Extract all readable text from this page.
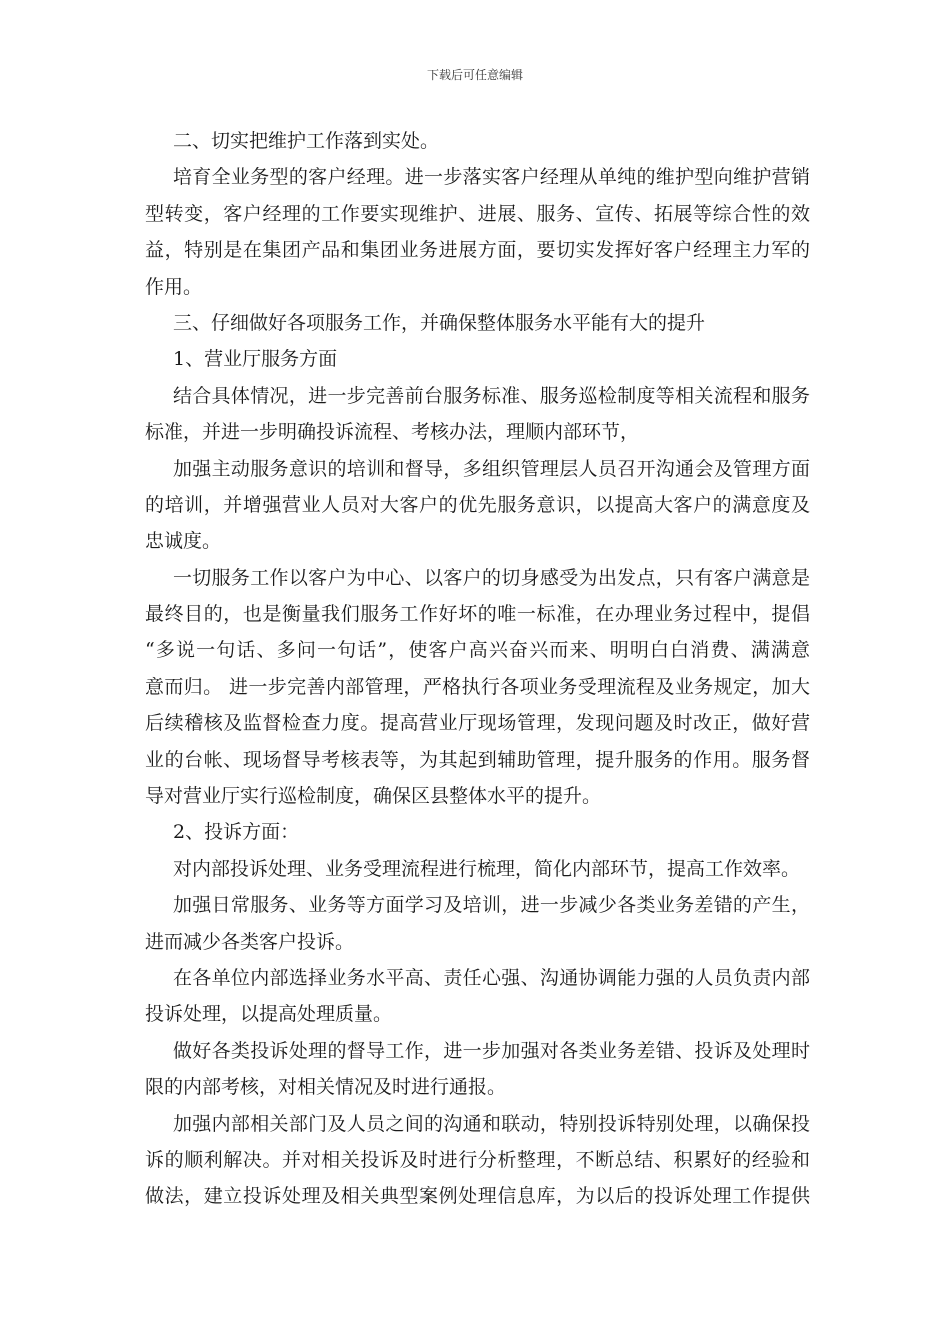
下载后可任意编辑
二、切实把维护工作落到实处。
培育全业务型的客户经理。进一步落实客户经理从单纯的维护型向维护营销
型转变，客户经理的工作要实现维护、进展、服务、宣传、拓展等综合性的效
益，特别是在集团产品和集团业务进展方面，要切实发挥好客户经理主力军的
作用。
三、仔细做好各项服务工作，并确保整体服务水平能有大的提升
1、营业厅服务方面
结合具体情况，进一步完善前台服务标准、服务巡检制度等相关流程和服务
标准，并进一步明确投诉流程、考核办法，理顺内部环节，
加强主动服务意识的培训和督导，多组织管理层人员召开沟通会及管理方面
的培训，并增强营业人员对大客户的优先服务意识，以提高大客户的满意度及
忠诚度。
一切服务工作以客户为中心、以客户的切身感受为出发点，只有客户满意是
最终目的，也是衡量我们服务工作好坏的唯一标准，在办理业务过程中，提倡
“多说一句话、多问一句话”，使客户高兴奋兴而来、明明白白消费、满满意
意而归。 进一步完善内部管理，严格执行各项业务受理流程及业务规定，加大
后续稽核及监督检查力度。提高营业厅现场管理，发现问题及时改正，做好营
业的台帐、现场督导考核表等，为其起到辅助管理，提升服务的作用。服务督
导对营业厅实行巡检制度，确保区县整体水平的提升。
2、投诉方面：
对内部投诉处理、业务受理流程进行梳理，简化内部环节，提高工作效率。
加强日常服务、业务等方面学习及培训，进一步减少各类业务差错的产生，
进而减少各类客户投诉。
在各单位内部选择业务水平高、责任心强、沟通协调能力强的人员负责内部
投诉处理，以提高处理质量。
做好各类投诉处理的督导工作，进一步加强对各类业务差错、投诉及处理时
限的内部考核，对相关情况及时进行通报。
加强内部相关部门及人员之间的沟通和联动，特别投诉特别处理，以确保投
诉的顺利解决。并对相关投诉及时进行分析整理，不断总结、积累好的经验和
做法，建立投诉处理及相关典型案例处理信息库，为以后的投诉处理工作提供
